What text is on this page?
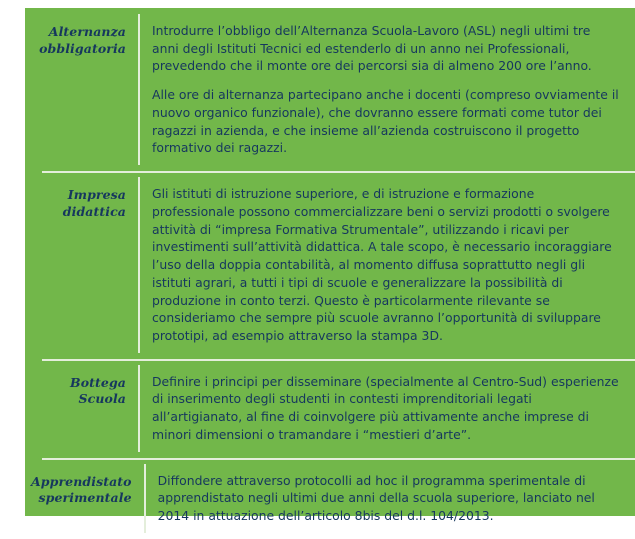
Alternanza
obbligatoria

Introdurre l’obbligo dell’Alternanza Scuola-Lavoro (ASL) negli ultimi tre anni degli Istituti Tecnici ed estenderlo di un anno nei Professionali, prevedendo che il monte ore dei percorsi sia di almeno 200 ore l’anno.

Alle ore di alternanza partecipano anche i docenti (compreso ovviamente il nuovo organico funzionale), che dovranno essere formati come tutor dei ragazzi in azienda, e che insieme all’azienda costruiscono il progetto formativo dei ragazzi.

Impresa
didattica

Gli istituti di istruzione superiore, e di istruzione e formazione professionale possono commercializzare beni o servizi prodotti o svolgere attività di “impresa Formativa Strumentale”, utilizzando i ricavi per investimenti sull’attività didattica. A tale scopo, è necessario incoraggiare l’uso della doppia contabilità, al momento diffusa soprattutto negli gli istituti agrari, a tutti i tipi di scuole e generalizzare la possibilità di produzione in conto terzi. Questo è particolarmente rilevante se consideriamo che sempre più scuole avranno l’opportunità di sviluppare prototipi, ad esempio attraverso la stampa 3D.

Bottega
Scuola

Definire i principi per disseminare (specialmente al Centro-Sud) esperienze di inserimento degli studenti in contesti imprenditoriali legati all’artigianato, al fine di coinvolgere più attivamente anche imprese di minori dimensioni o tramandare i “mestieri d’arte”.

Apprendistato
sperimentale

Diffondere attraverso protocolli ad hoc il programma sperimentale di apprendistato negli ultimi due anni della scuola superiore, lanciato nel 2014 in attuazione dell’articolo 8bis del d.l. 104/2013.
